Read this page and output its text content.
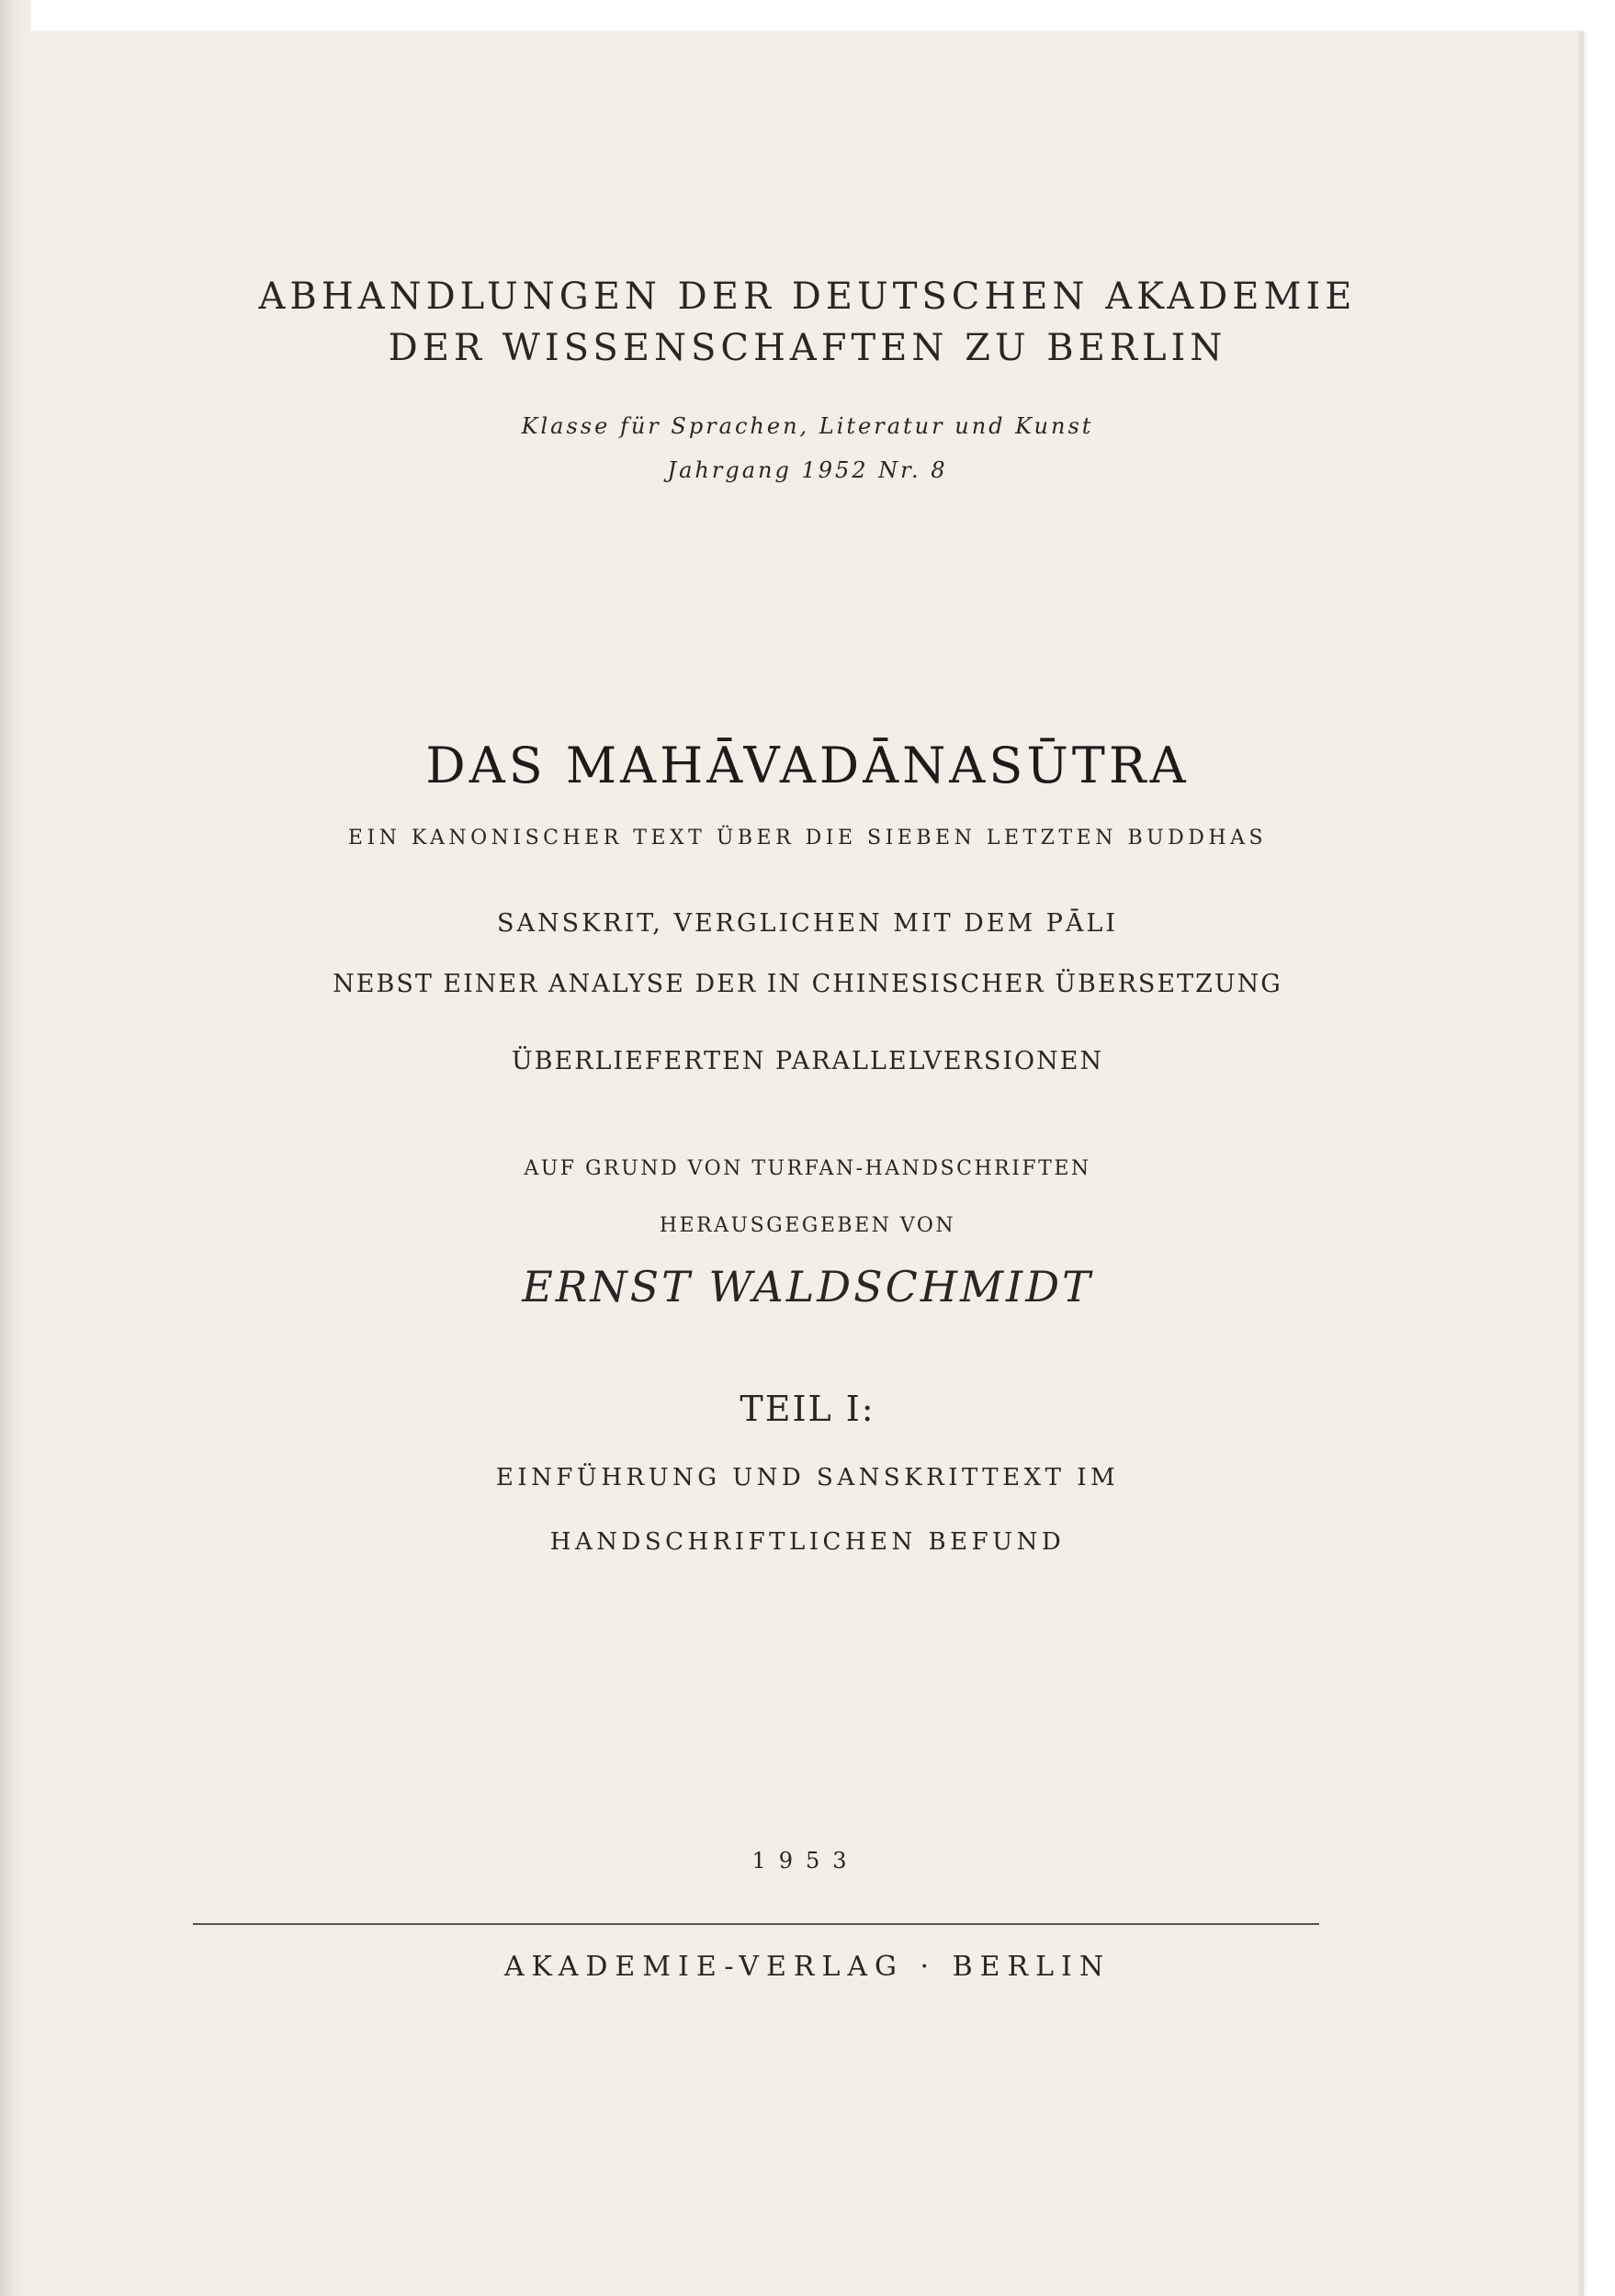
ABHANDLUNGEN DER DEUTSCHEN AKADEMIE
DER WISSENSCHAFTEN ZU BERLIN
Klasse für Sprachen, Literatur und Kunst
Jahrgang 1952 Nr. 8
DAS MAHĀVADĀNASŪTRA
EIN KANONISCHER TEXT ÜBER DIE SIEBEN LETZTEN BUDDHAS
SANSKRIT, VERGLICHEN MIT DEM PĀLI
NEBST EINER ANALYSE DER IN CHINESISCHER ÜBERSETZUNG
ÜBERLIEFERTEN PARALLELVERSIONEN
AUF GRUND VON TURFAN-HANDSCHRIFTEN
HERAUSGEGEBEN VON
ERNST WALDSCHMIDT
TEIL I:
EINFÜHRUNG UND SANSKRITTEXT IM
HANDSCHRIFTLICHEN BEFUND
1953
AKADEMIE-VERLAG · BERLIN
